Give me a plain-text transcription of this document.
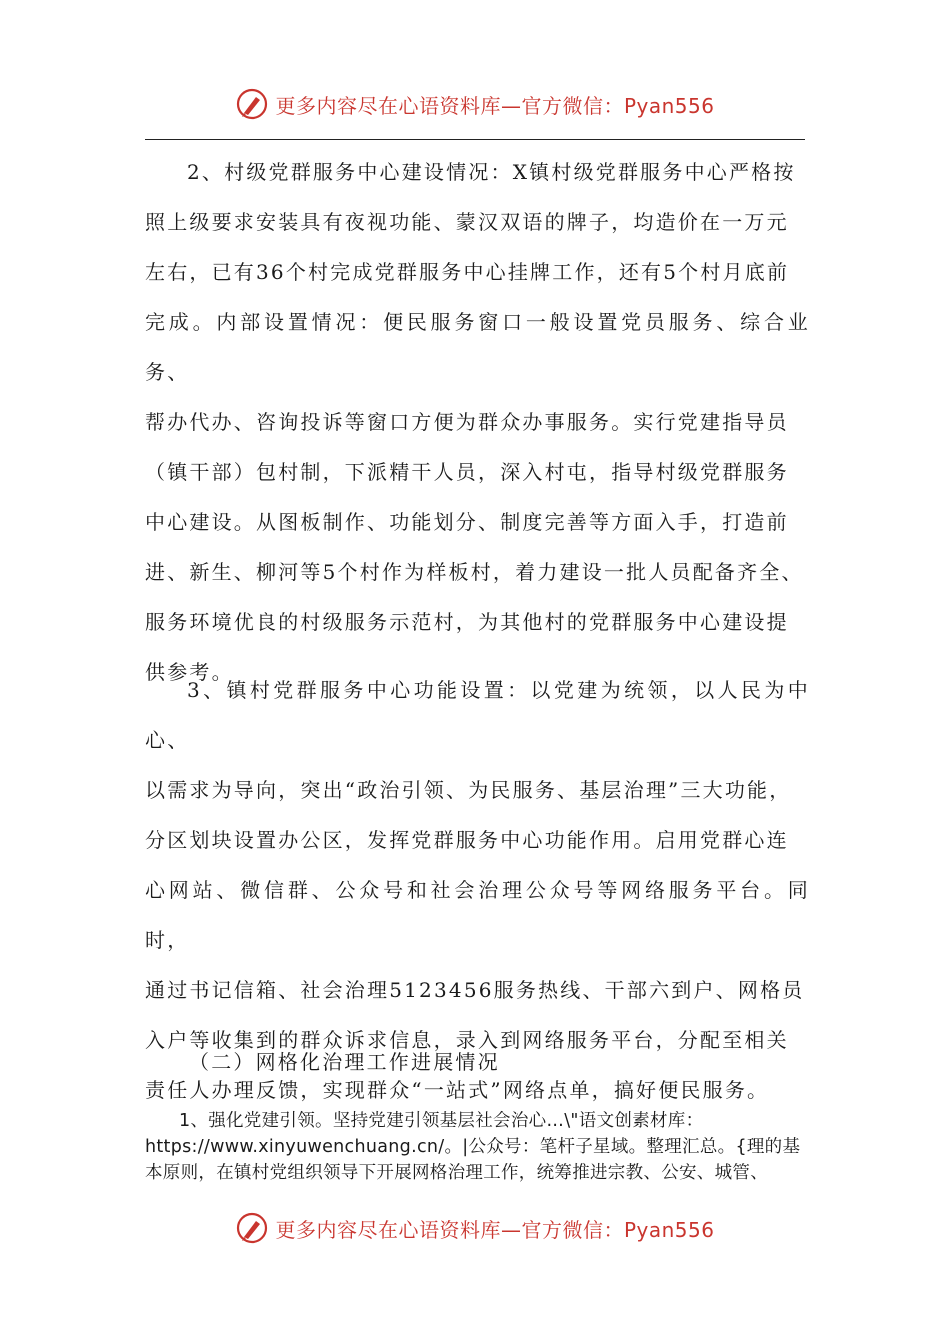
更多内容尽在心语资料库—官方微信：Pyan556

2、村级党群服务中心建设情况：X镇村级党群服务中心严格按
照上级要求安装具有夜视功能、蒙汉双语的牌子，均造价在一万元
左右，已有36个村完成党群服务中心挂牌工作，还有5个村月底前
完成。内部设置情况：便民服务窗口一般设置党员服务、综合业务、
帮办代办、咨询投诉等窗口方便为群众办事服务。实行党建指导员
（镇干部）包村制，下派精干人员，深入村屯，指导村级党群服务
中心建设。从图板制作、功能划分、制度完善等方面入手，打造前
进、新生、柳河等5个村作为样板村，着力建设一批人员配备齐全、
服务环境优良的村级服务示范村，为其他村的党群服务中心建设提
供参考。

3、镇村党群服务中心功能设置：以党建为统领，以人民为中心、
以需求为导向，突出“政治引领、为民服务、基层治理”三大功能，
分区划块设置办公区，发挥党群服务中心功能作用。启用党群心连
心网站、微信群、公众号和社会治理公众号等网络服务平台。同时，
通过书记信箱、社会治理5123456服务热线、干部六到户、网格员
入户等收集到的群众诉求信息，录入到网络服务平台，分配至相关
责任人办理反馈，实现群众“一站式”网络点单，搞好便民服务。

（二）网格化治理工作进展情况

1、强化党建引领。坚持党建引领基层社会治心…\"语文创素材库：
https://www.xinyuwenchuang.cn/。|公众号：笔杆子星域。整理汇总。{理的基
本原则，在镇村党组织领导下开展网格治理工作，统筹推进宗教、公安、城管、

更多内容尽在心语资料库—官方微信：Pyan556
